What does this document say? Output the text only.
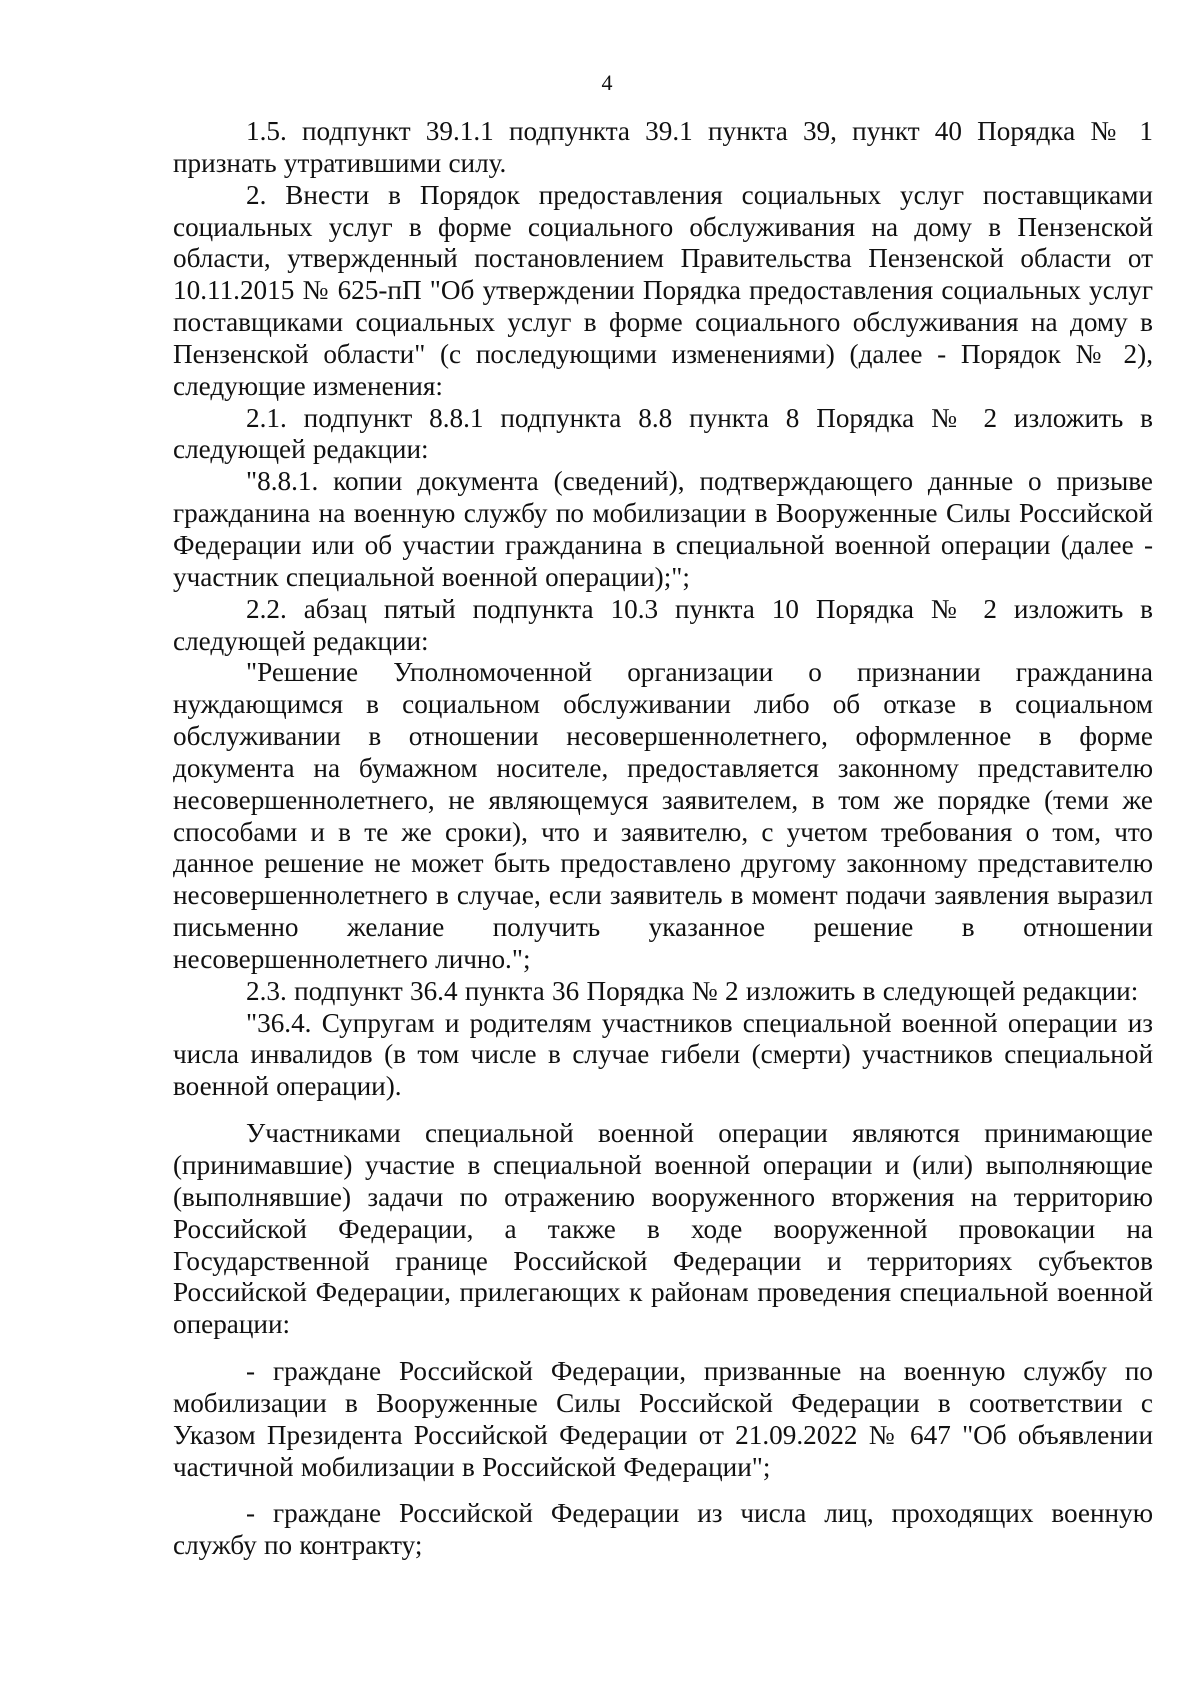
4

1.5. подпункт 39.1.1 подпункта 39.1 пункта 39, пункт 40 Порядка № 1 признать утратившими силу.

2. Внести в Порядок предоставления социальных услуг поставщиками социальных услуг в форме социального обслуживания на дому в Пензенской области, утвержденный постановлением Правительства Пензенской области от 10.11.2015 № 625-пП "Об утверждении Порядка предоставления социальных услуг поставщиками социальных услуг в форме социального обслуживания на дому в Пензенской области" (с последующими изменениями) (далее - Порядок № 2), следующие изменения:

2.1. подпункт 8.8.1 подпункта 8.8 пункта 8 Порядка № 2 изложить в следующей редакции:

"8.8.1. копии документа (сведений), подтверждающего данные о призыве гражданина на военную службу по мобилизации в Вооруженные Силы Российской Федерации или об участии гражданина в специальной военной операции (далее - участник специальной военной операции);";

2.2. абзац пятый подпункта 10.3 пункта 10 Порядка № 2 изложить в следующей редакции:

"Решение Уполномоченной организации о признании гражданина нуждающимся в социальном обслуживании либо об отказе в социальном обслуживании в отношении несовершеннолетнего, оформленное в форме документа на бумажном носителе, предоставляется законному представителю несовершеннолетнего, не являющемуся заявителем, в том же порядке (теми же способами и в те же сроки), что и заявителю, с учетом требования о том, что данное решение не может быть предоставлено другому законному представителю несовершеннолетнего в случае, если заявитель в момент подачи заявления выразил письменно желание получить указанное решение в отношении несовершеннолетнего лично.";

2.3. подпункт 36.4 пункта 36 Порядка № 2 изложить в следующей редакции:

"36.4. Супругам и родителям участников специальной военной операции из числа инвалидов (в том числе в случае гибели (смерти) участников специальной военной операции).

Участниками специальной военной операции являются принимающие (принимавшие) участие в специальной военной операции и (или) выполняющие (выполнявшие) задачи по отражению вооруженного вторжения на территорию Российской Федерации, а также в ходе вооруженной провокации на Государственной границе Российской Федерации и территориях субъектов Российской Федерации, прилегающих к районам проведения специальной военной операции:

- граждане Российской Федерации, призванные на военную службу по мобилизации в Вооруженные Силы Российской Федерации в соответствии с Указом Президента Российской Федерации от 21.09.2022 № 647 "Об объявлении частичной мобилизации в Российской Федерации";

- граждане Российской Федерации из числа лиц, проходящих военную службу по контракту;
